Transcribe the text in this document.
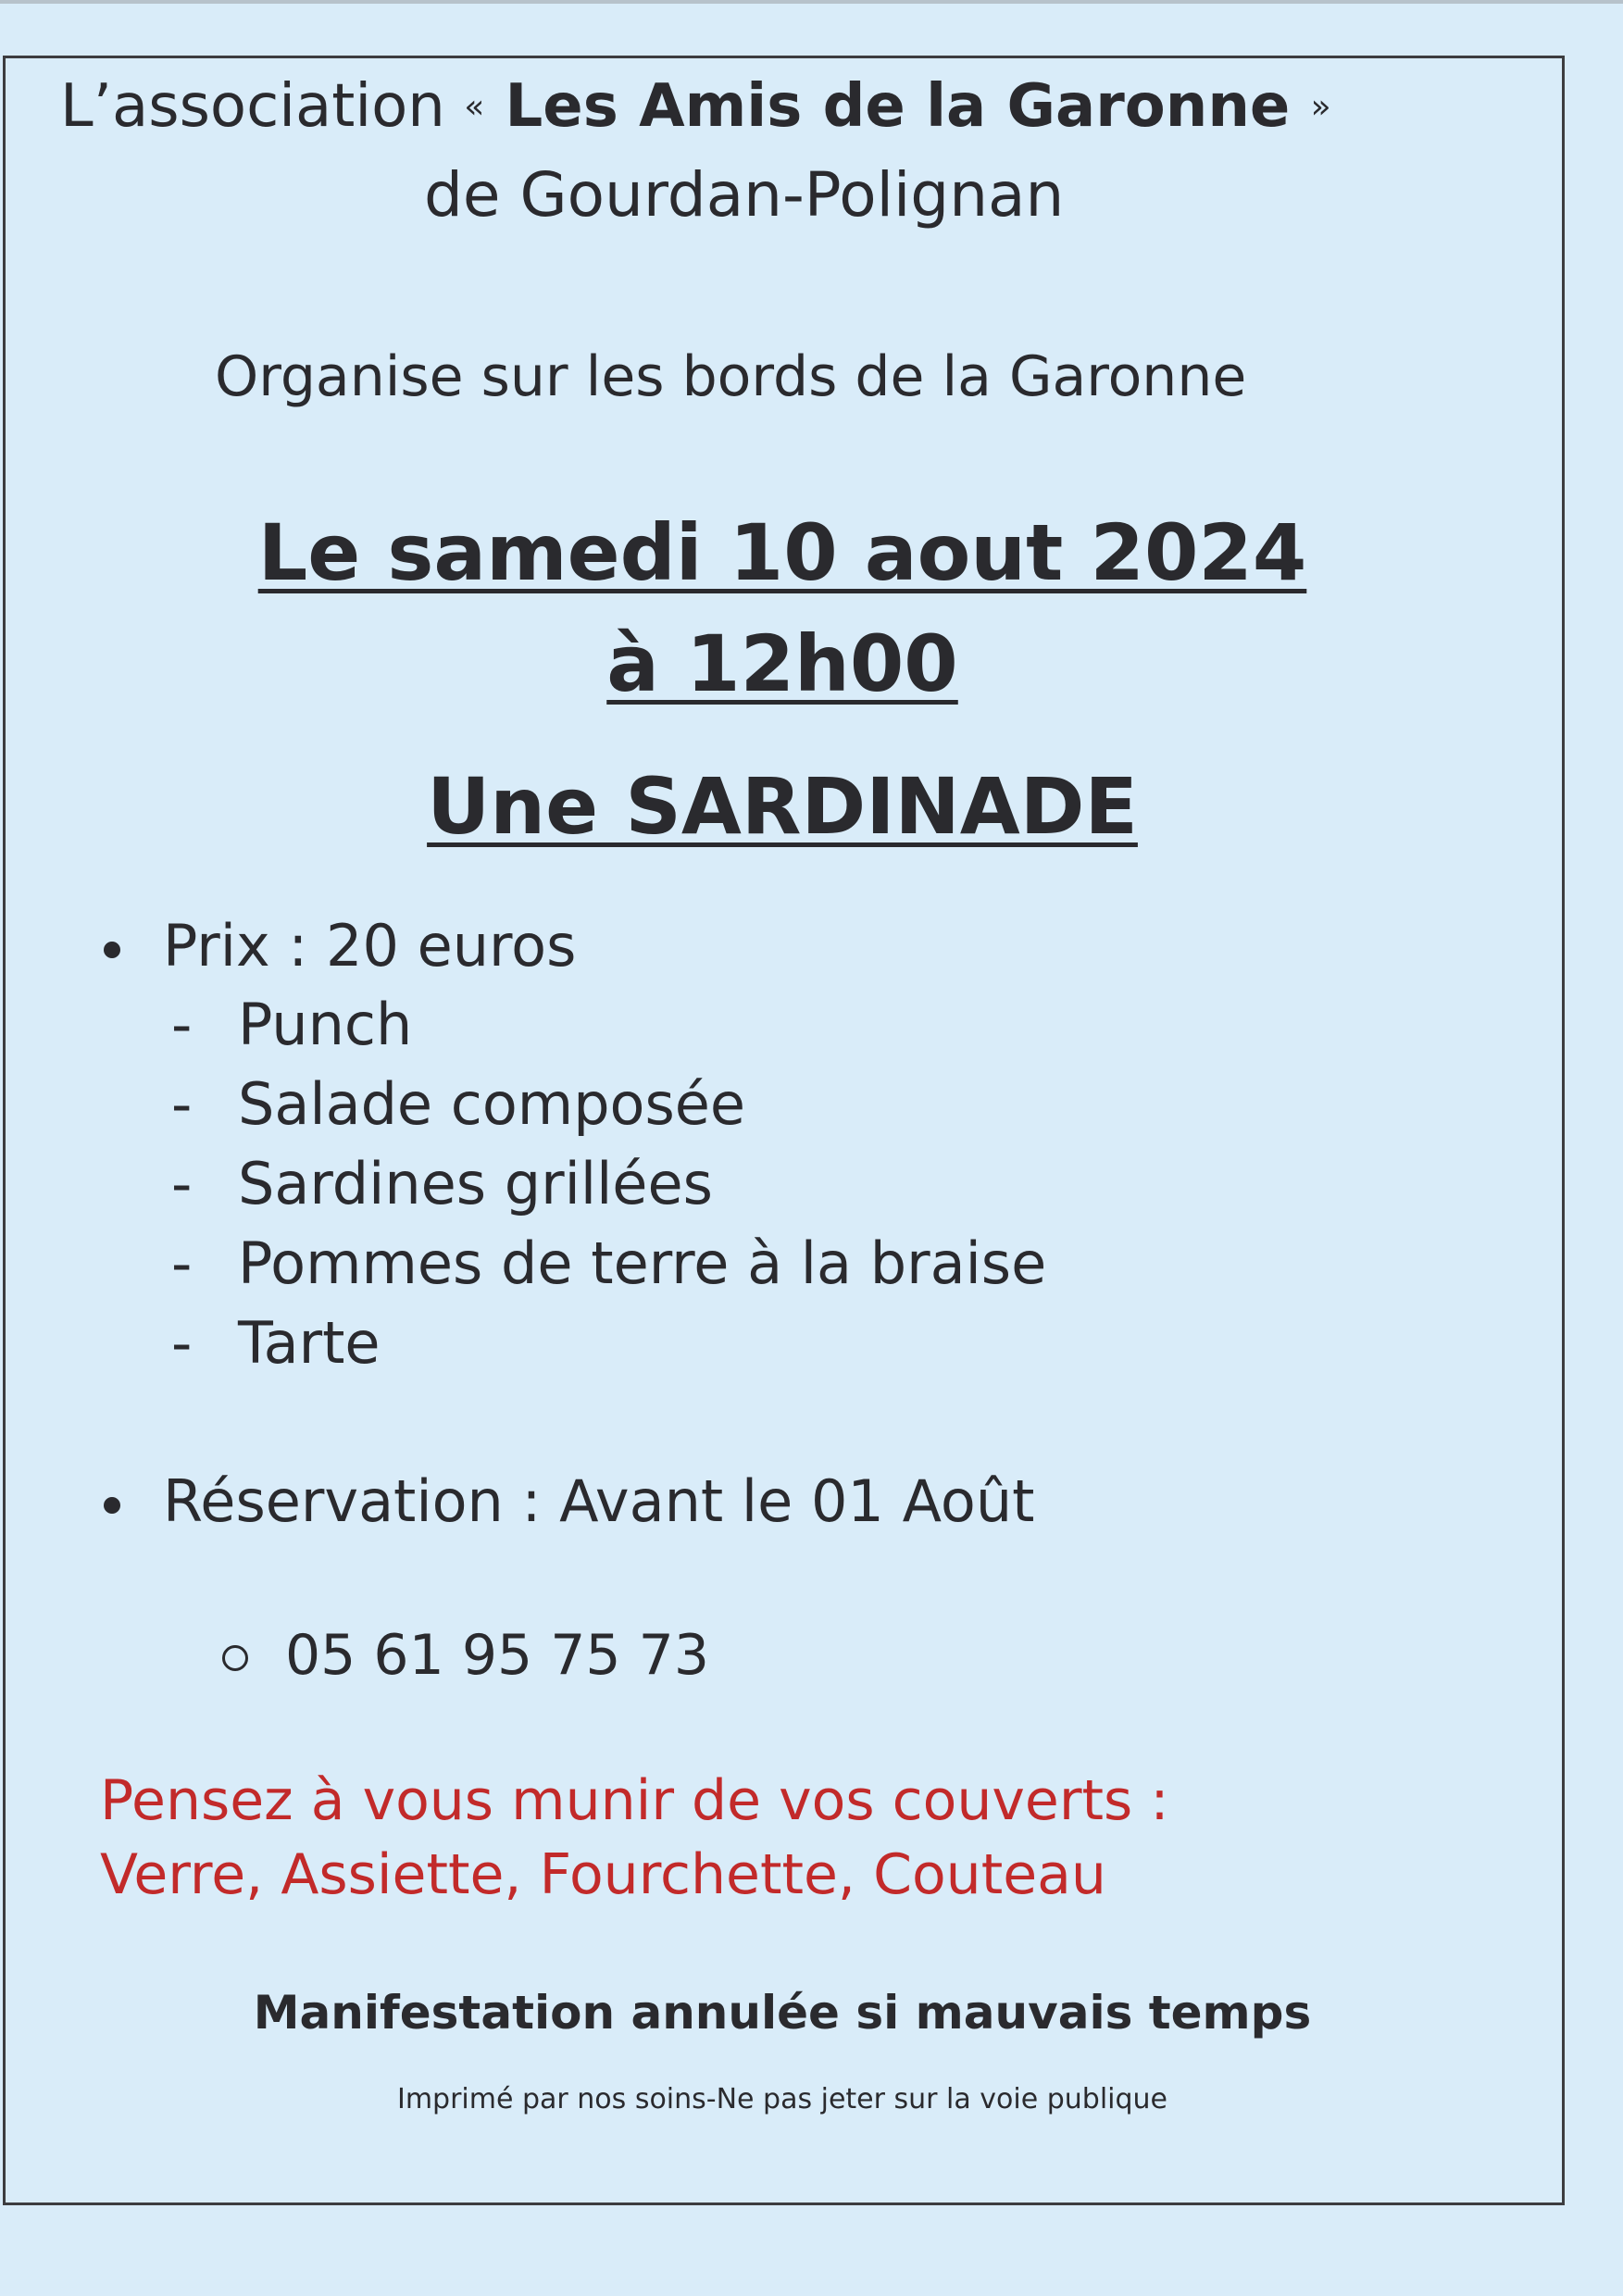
L’association « Les Amis de la Garonne »
de Gourdan-Polignan
Organise sur les bords de la Garonne
Le samedi 10 aout 2024
à 12h00
Une SARDINADE
Prix : 20 euros
- Punch
- Salade composée
- Sardines grillées
- Pommes de terre à la braise
- Tarte
Réservation : Avant le 01 Août
05 61 95 75 73
Pensez à vous munir de vos couverts :
Verre, Assiette, Fourchette, Couteau
Manifestation annulée si mauvais temps
Imprimé par nos soins-Ne pas jeter sur la voie publique
